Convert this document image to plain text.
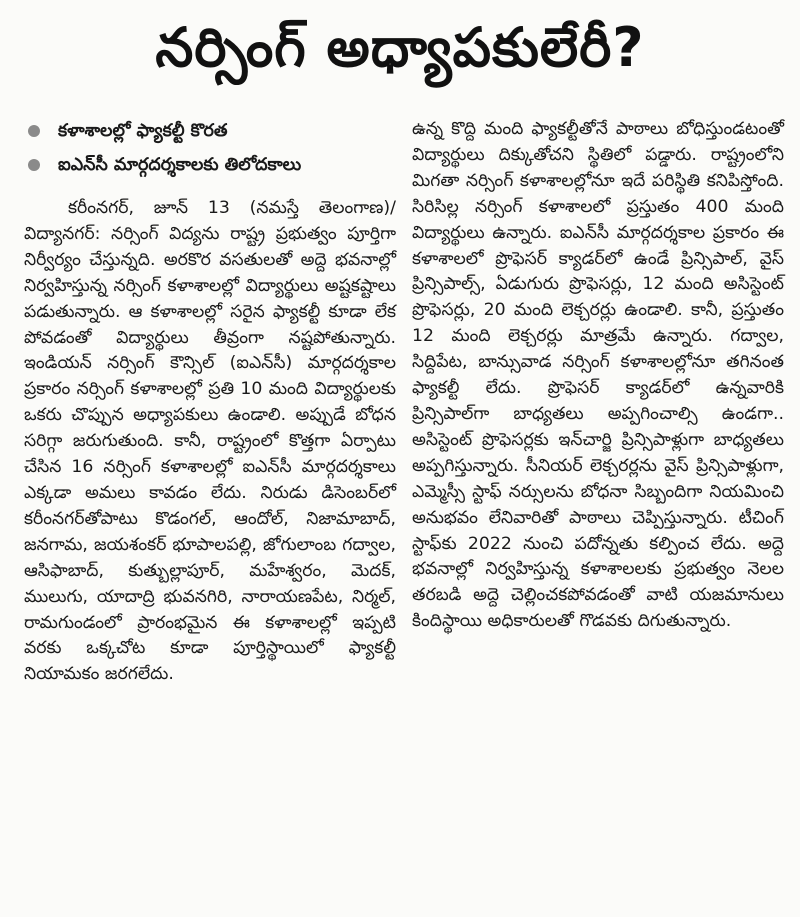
నర్సింగ్ అధ్యాపకులేరీ?
కళాశాలల్లో ఫ్యాకల్టీ కొరత
ఐఎన్‌సీ మార్గదర్శకాలకు తిలోదకాలు

కరీంనగర్, జూన్ 13 (నమస్తే తెలంగాణ)/ విద్యానగర్: నర్సింగ్ విద్యను రాష్ట్ర ప్రభుత్వం పూర్తిగా నిర్వీర్యం చేస్తున్నది. అరకొర వసతులతో అద్దె భవనాల్లో నిర్వహిస్తున్న నర్సింగ్ కళాశాలల్లో విద్యార్థులు అష్టకష్టాలు పడుతున్నారు. ఆ కళాశాలల్లో సరైన ఫ్యాకల్టీ కూడా లేక పోవడంతో విద్యార్థులు తీవ్రంగా నష్టపోతున్నారు. ఇండియన్ నర్సింగ్ కౌన్సిల్ (ఐఎన్‌సీ) మార్గదర్శకాల ప్రకారం నర్సింగ్ కళాశాలల్లో ప్రతి 10 మంది విద్యార్థులకు ఒకరు చొప్పున అధ్యాపకులు ఉండాలి. అప్పుడే బోధన సరిగ్గా జరుగుతుంది. కానీ, రాష్ట్రంలో కొత్తగా ఏర్పాటు చేసిన 16 నర్సింగ్ కళాశాలల్లో ఐఎన్‌సీ మార్గదర్శకాలు ఎక్కడా అమలు కావడం లేదు. నిరుడు డిసెంబర్‌లో కరీంనగర్‌తోపాటు కొడంగల్, ఆందోల్, నిజామాబాద్, జనగామ, జయశంకర్ భూపాలపల్లి, జోగులాంబ గద్వాల, ఆసిఫాబాద్, కుత్బుల్లాపూర్, మహేశ్వరం, మెదక్, ములుగు, యాదాద్రి భువనగిరి, నారాయణపేట, నిర్మల్, రామగుండంలో ప్రారంభమైన ఈ కళాశాలల్లో ఇప్పటి వరకు ఒక్కచోట కూడా పూర్తిస్థాయిలో ఫ్యాకల్టీ నియామకం జరగలేదు.

ఉన్న కొద్ది మంది ఫ్యాకల్టీతోనే పాఠాలు బోధిస్తుండటంతో విద్యార్థులు దిక్కుతోచని స్థితిలో పడ్డారు. రాష్ట్రంలోని మిగతా నర్సింగ్ కళాశాలల్లోనూ ఇదే పరిస్థితి కనిపిస్తోంది. సిరిసిల్ల నర్సింగ్ కళాశాలలో ప్రస్తుతం 400 మంది విద్యార్థులు ఉన్నారు. ఐఎన్‌సీ మార్గదర్శకాల ప్రకారం ఈ కళాశాలలో ప్రొఫెసర్ క్యాడర్‌లో ఉండే ప్రిన్సిపాల్, వైస్ ప్రిన్సిపాల్స్, ఏడుగురు ప్రొఫెసర్లు, 12 మంది అసిస్టెంట్ ప్రొఫెసర్లు, 20 మంది లెక్చరర్లు ఉండాలి. కానీ, ప్రస్తుతం 12 మంది లెక్చరర్లు మాత్రమే ఉన్నారు. గద్వాల, సిద్దిపేట, బాన్సువాడ నర్సింగ్ కళాశాలల్లోనూ తగినంత ఫ్యాకల్టీ లేదు. ప్రొఫెసర్ క్యాడర్‌లో ఉన్నవారికి ప్రిన్సిపాల్‌గా బాధ్యతలు అప్పగించాల్సి ఉండగా.. అసిస్టెంట్ ప్రొఫెసర్లకు ఇన్‌చార్జి ప్రిన్సిపాళ్లుగా బాధ్యతలు అప్పగిస్తున్నారు. సీనియర్ లెక్చరర్లను వైస్ ప్రిన్సిపాళ్లుగా, ఎమ్మెస్సీ స్టాఫ్ నర్సులను బోధనా సిబ్బందిగా నియమించి అనుభవం లేనివారితో పాఠాలు చెప్పిస్తున్నారు. టీచింగ్ స్టాఫ్‌కు 2022 నుంచి పదోన్నతు కల్పించ లేదు. అద్దె భవనాల్లో నిర్వహిస్తున్న కళాశాలలకు ప్రభుత్వం నెలల తరబడి అద్దె చెల్లించకపోవడంతో వాటి యజమానులు కిందిస్థాయి అధికారులతో గొడవకు దిగుతున్నారు.
